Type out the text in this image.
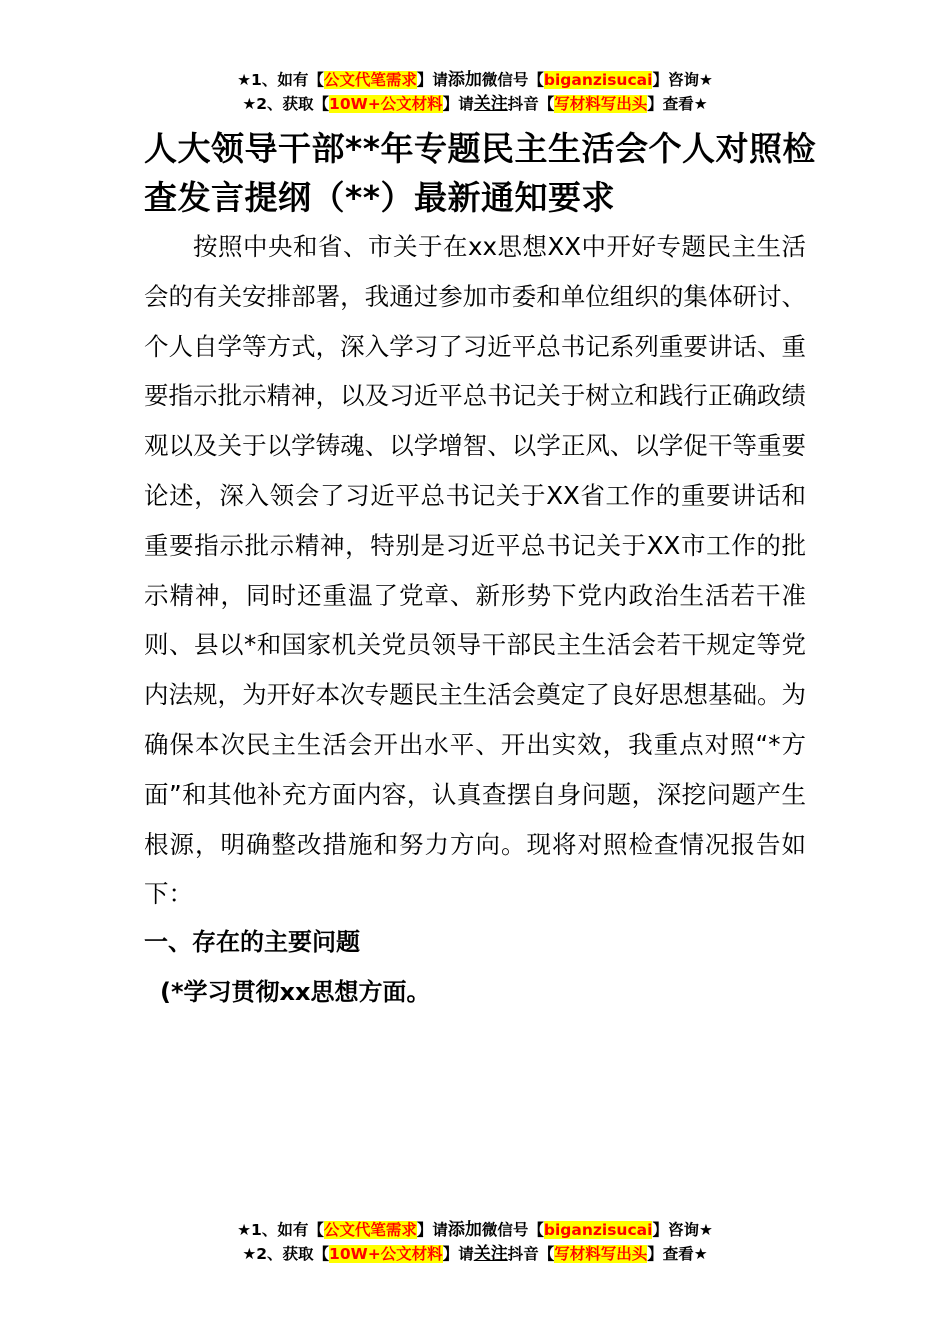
★1、如有【公文代笔需求】请添加微信号【biganzisucai】咨询★
★2、获取【10W+公文材料】请关注抖音【写材料写出头】查看★
人大领导干部**年专题民主生活会个人对照检查发言提纲（**）最新通知要求
按照中央和省、市关于在xx思想XX中开好专题民主生活会的有关安排部署，我通过参加市委和单位组织的集体研讨、个人自学等方式，深入学习了习近平总书记系列重要讲话、重要指示批示精神，以及习近平总书记关于树立和践行正确政绩观以及关于以学铸魂、以学增智、以学正风、以学促干等重要论述，深入领会了习近平总书记关于XX省工作的重要讲话和重要指示批示精神，特别是习近平总书记关于XX市工作的批示精神，同时还重温了党章、新形势下党内政治生活若干准则、县以*和国家机关党员领导干部民主生活会若干规定等党内法规，为开好本次专题民主生活会奠定了良好思想基础。为确保本次民主生活会开出水平、开出实效，我重点对照“*方面”和其他补充方面内容，认真查摆自身问题，深挖问题产生根源，明确整改措施和努力方向。现将对照检查情况报告如下：
一、存在的主要问题
(*学习贯彻xx思想方面。
★1、如有【公文代笔需求】请添加微信号【biganzisucai】咨询★
★2、获取【10W+公文材料】请关注抖音【写材料写出头】查看★
